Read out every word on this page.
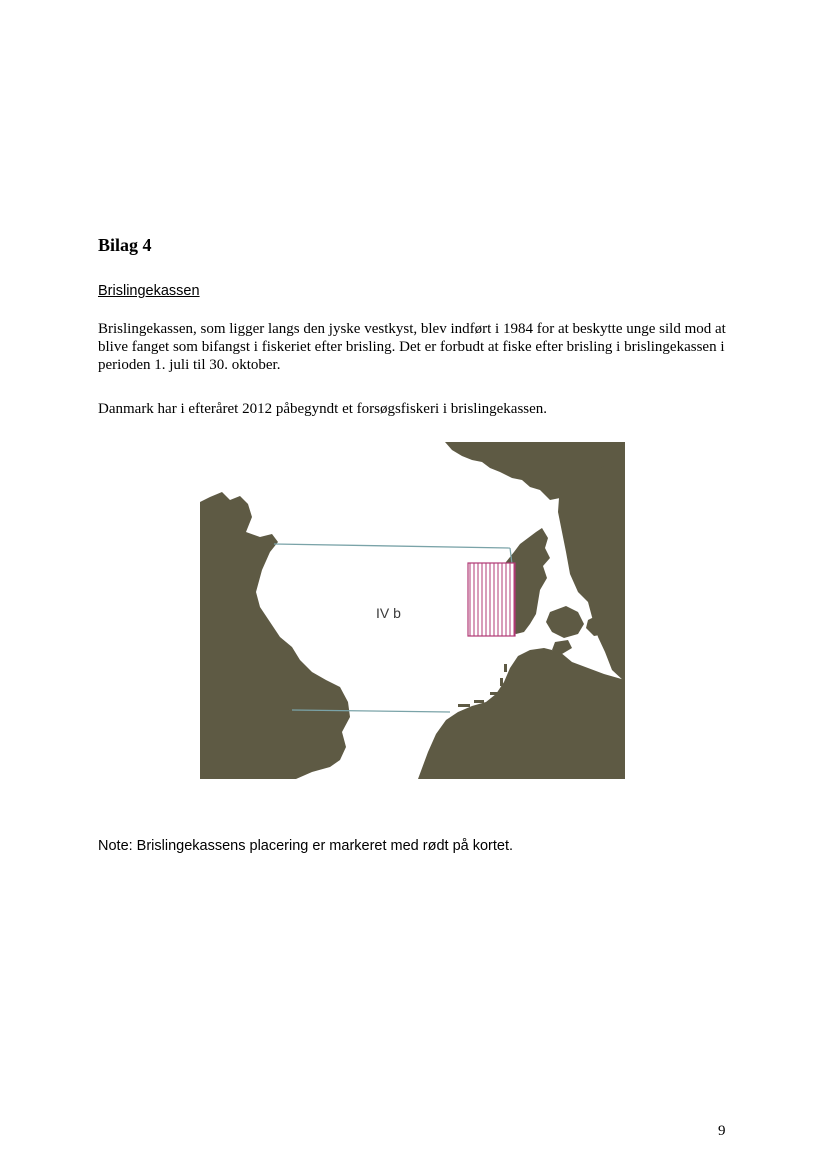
Bilag 4
Brislingekassen

Brislingekassen, som ligger langs den jyske vestkyst, blev indført i 1984 for at beskytte unge sild mod at blive fanget som bifangst i fiskeriet efter brisling. Det er forbudt at fiske efter brisling i brislingekassen i perioden 1. juli til 30. oktober.

Danmark har i efteråret 2012 påbegyndt et forsøgsfiskeri i brislingekassen.

IV b
Note: Brislingekassens placering er markeret med rødt på kortet.
9
